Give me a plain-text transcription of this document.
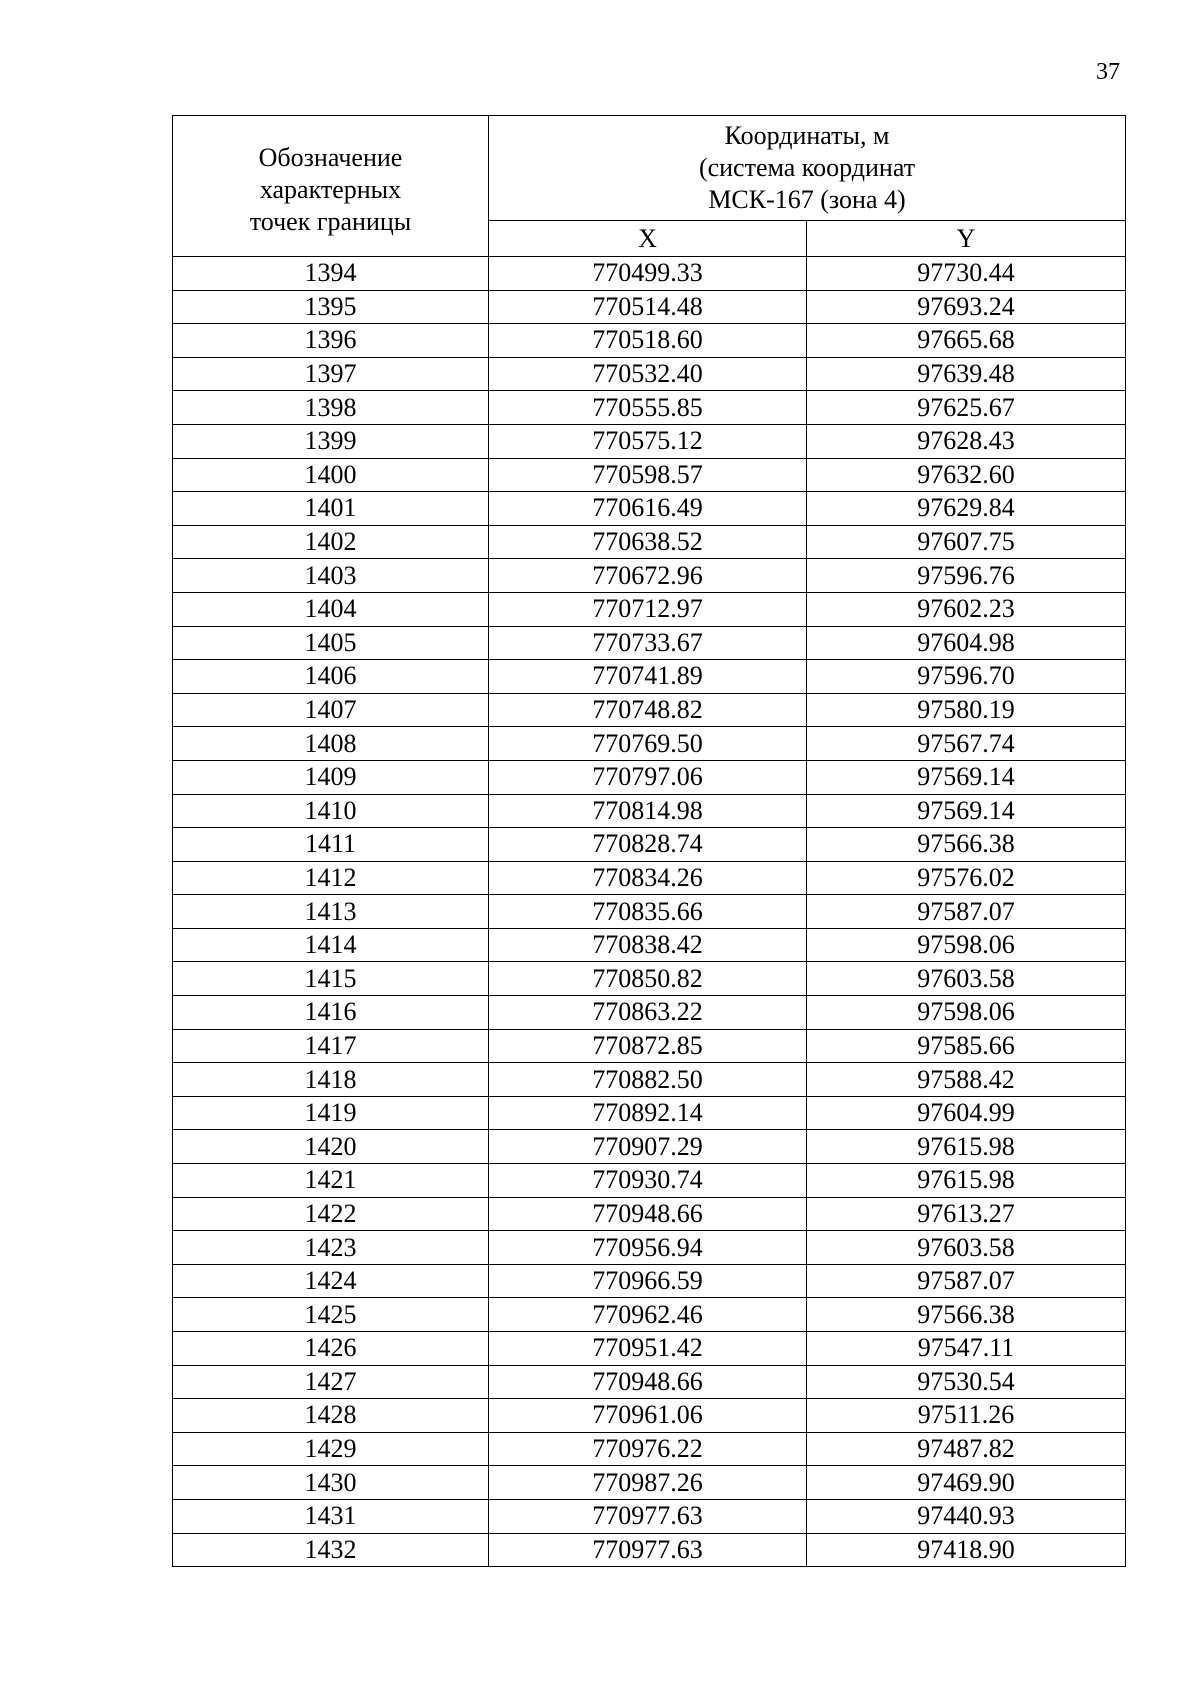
37
Обозначение
характерных
точек границы	Координаты, м
(система координат
МСК-167 (зона 4)	

	X	Y
1394	770499.33	97730.44
1395	770514.48	97693.24
1396	770518.60	97665.68
1397	770532.40	97639.48
1398	770555.85	97625.67
1399	770575.12	97628.43
1400	770598.57	97632.60
1401	770616.49	97629.84
1402	770638.52	97607.75
1403	770672.96	97596.76
1404	770712.97	97602.23
1405	770733.67	97604.98
1406	770741.89	97596.70
1407	770748.82	97580.19
1408	770769.50	97567.74
1409	770797.06	97569.14
1410	770814.98	97569.14
1411	770828.74	97566.38
1412	770834.26	97576.02
1413	770835.66	97587.07
1414	770838.42	97598.06
1415	770850.82	97603.58
1416	770863.22	97598.06
1417	770872.85	97585.66
1418	770882.50	97588.42
1419	770892.14	97604.99
1420	770907.29	97615.98
1421	770930.74	97615.98
1422	770948.66	97613.27
1423	770956.94	97603.58
1424	770966.59	97587.07
1425	770962.46	97566.38
1426	770951.42	97547.11
1427	770948.66	97530.54
1428	770961.06	97511.26
1429	770976.22	97487.82
1430	770987.26	97469.90
1431	770977.63	97440.93
1432	770977.63	97418.90
